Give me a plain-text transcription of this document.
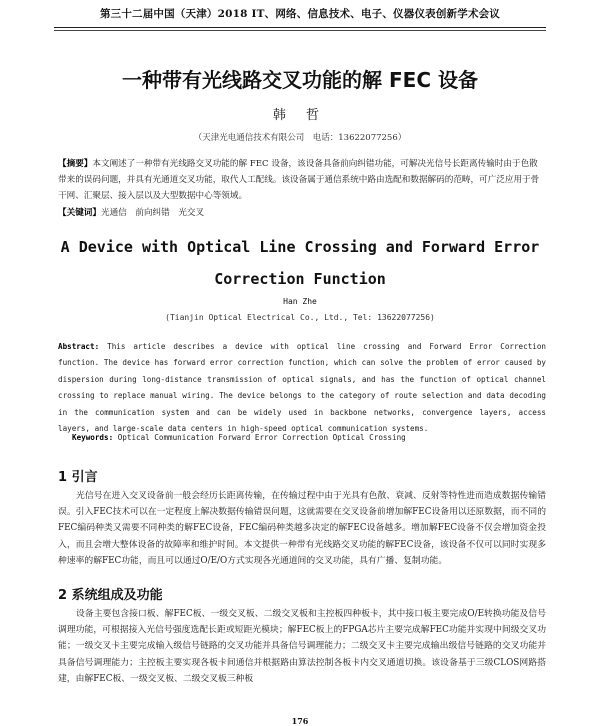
第三十二届中国（天津）2018 IT、网络、信息技术、电子、仪器仪表创新学术会议
一种带有光线路交叉功能的解 FEC 设备
韩 哲
（天津光电通信技术有限公司　电话：13622077256）
【摘要】本文阐述了一种带有光线路交叉功能的解 FEC 设备，该设备具备前向纠错功能，可解决光信号长距离传输时由于色散带来的误码问题，并具有光通道交叉功能，取代人工配线。该设备属于通信系统中路由选配和数据解码的范畴，可广泛应用于骨干网、汇聚层、接入层以及大型数据中心等领域。
【关键词】光通信　前向纠错　光交叉
A Device with Optical Line Crossing and Forward Error
Correction Function
Han Zhe
(Tianjin Optical Electrical Co., Ltd., Tel: 13622077256)
Abstract: This article describes a device with optical line crossing and Forward Error Correction function. The device has forward error correction function, which can solve the problem of error caused by dispersion during long-distance transmission of optical signals, and has the function of optical channel crossing to replace manual wiring. The device belongs to the category of route selection and data decoding in the communication system and can be widely used in backbone networks, convergence layers, access layers, and large-scale data centers in high-speed optical communication systems.
Keywords: Optical Communication Forward Error Correction Optical Crossing
1 引言
光信号在进入交叉设备前一般会经历长距离传输，在传输过程中由于光具有色散、衰减、反射等特性进而造成数据传输错误。引入FEC技术可以在一定程度上解决数据传输错误问题，这就需要在交叉设备前增加解FEC设备用以还原数据，而不同的FEC编码种类又需要不同种类的解FEC设备，FEC编码种类越多决定的解FEC设备越多。增加解FEC设备不仅会增加资金投入，而且会增大整体设备的故障率和维护时间。本文提供一种带有光线路交叉功能的解FEC设备，该设备不仅可以同时实现多种速率的解FEC功能，而且可以通过O/E/O方式实现各光通道间的交叉功能，具有广播、复制功能。
2 系统组成及功能
设备主要包含接口板、解FEC板、一级交叉板、二级交叉板和主控板四种板卡，其中接口板主要完成O/E转换功能及信号调理功能，可根据接入光信号强度选配长距或短距光模块；解FEC板上的FPGA芯片主要完成解FEC功能并实现中间级交叉功能；一级交叉卡主要完成输入级信号链路的交叉功能并具备信号调理能力；二级交叉卡主要完成输出级信号链路的交叉功能并具备信号调理能力；主控板主要实现各板卡间通信并根据路由算法控制各板卡内交叉通道切换。该设备基于三级CLOS网路搭建，由解FEC板、一级交叉板、二级交叉板三种板
176
